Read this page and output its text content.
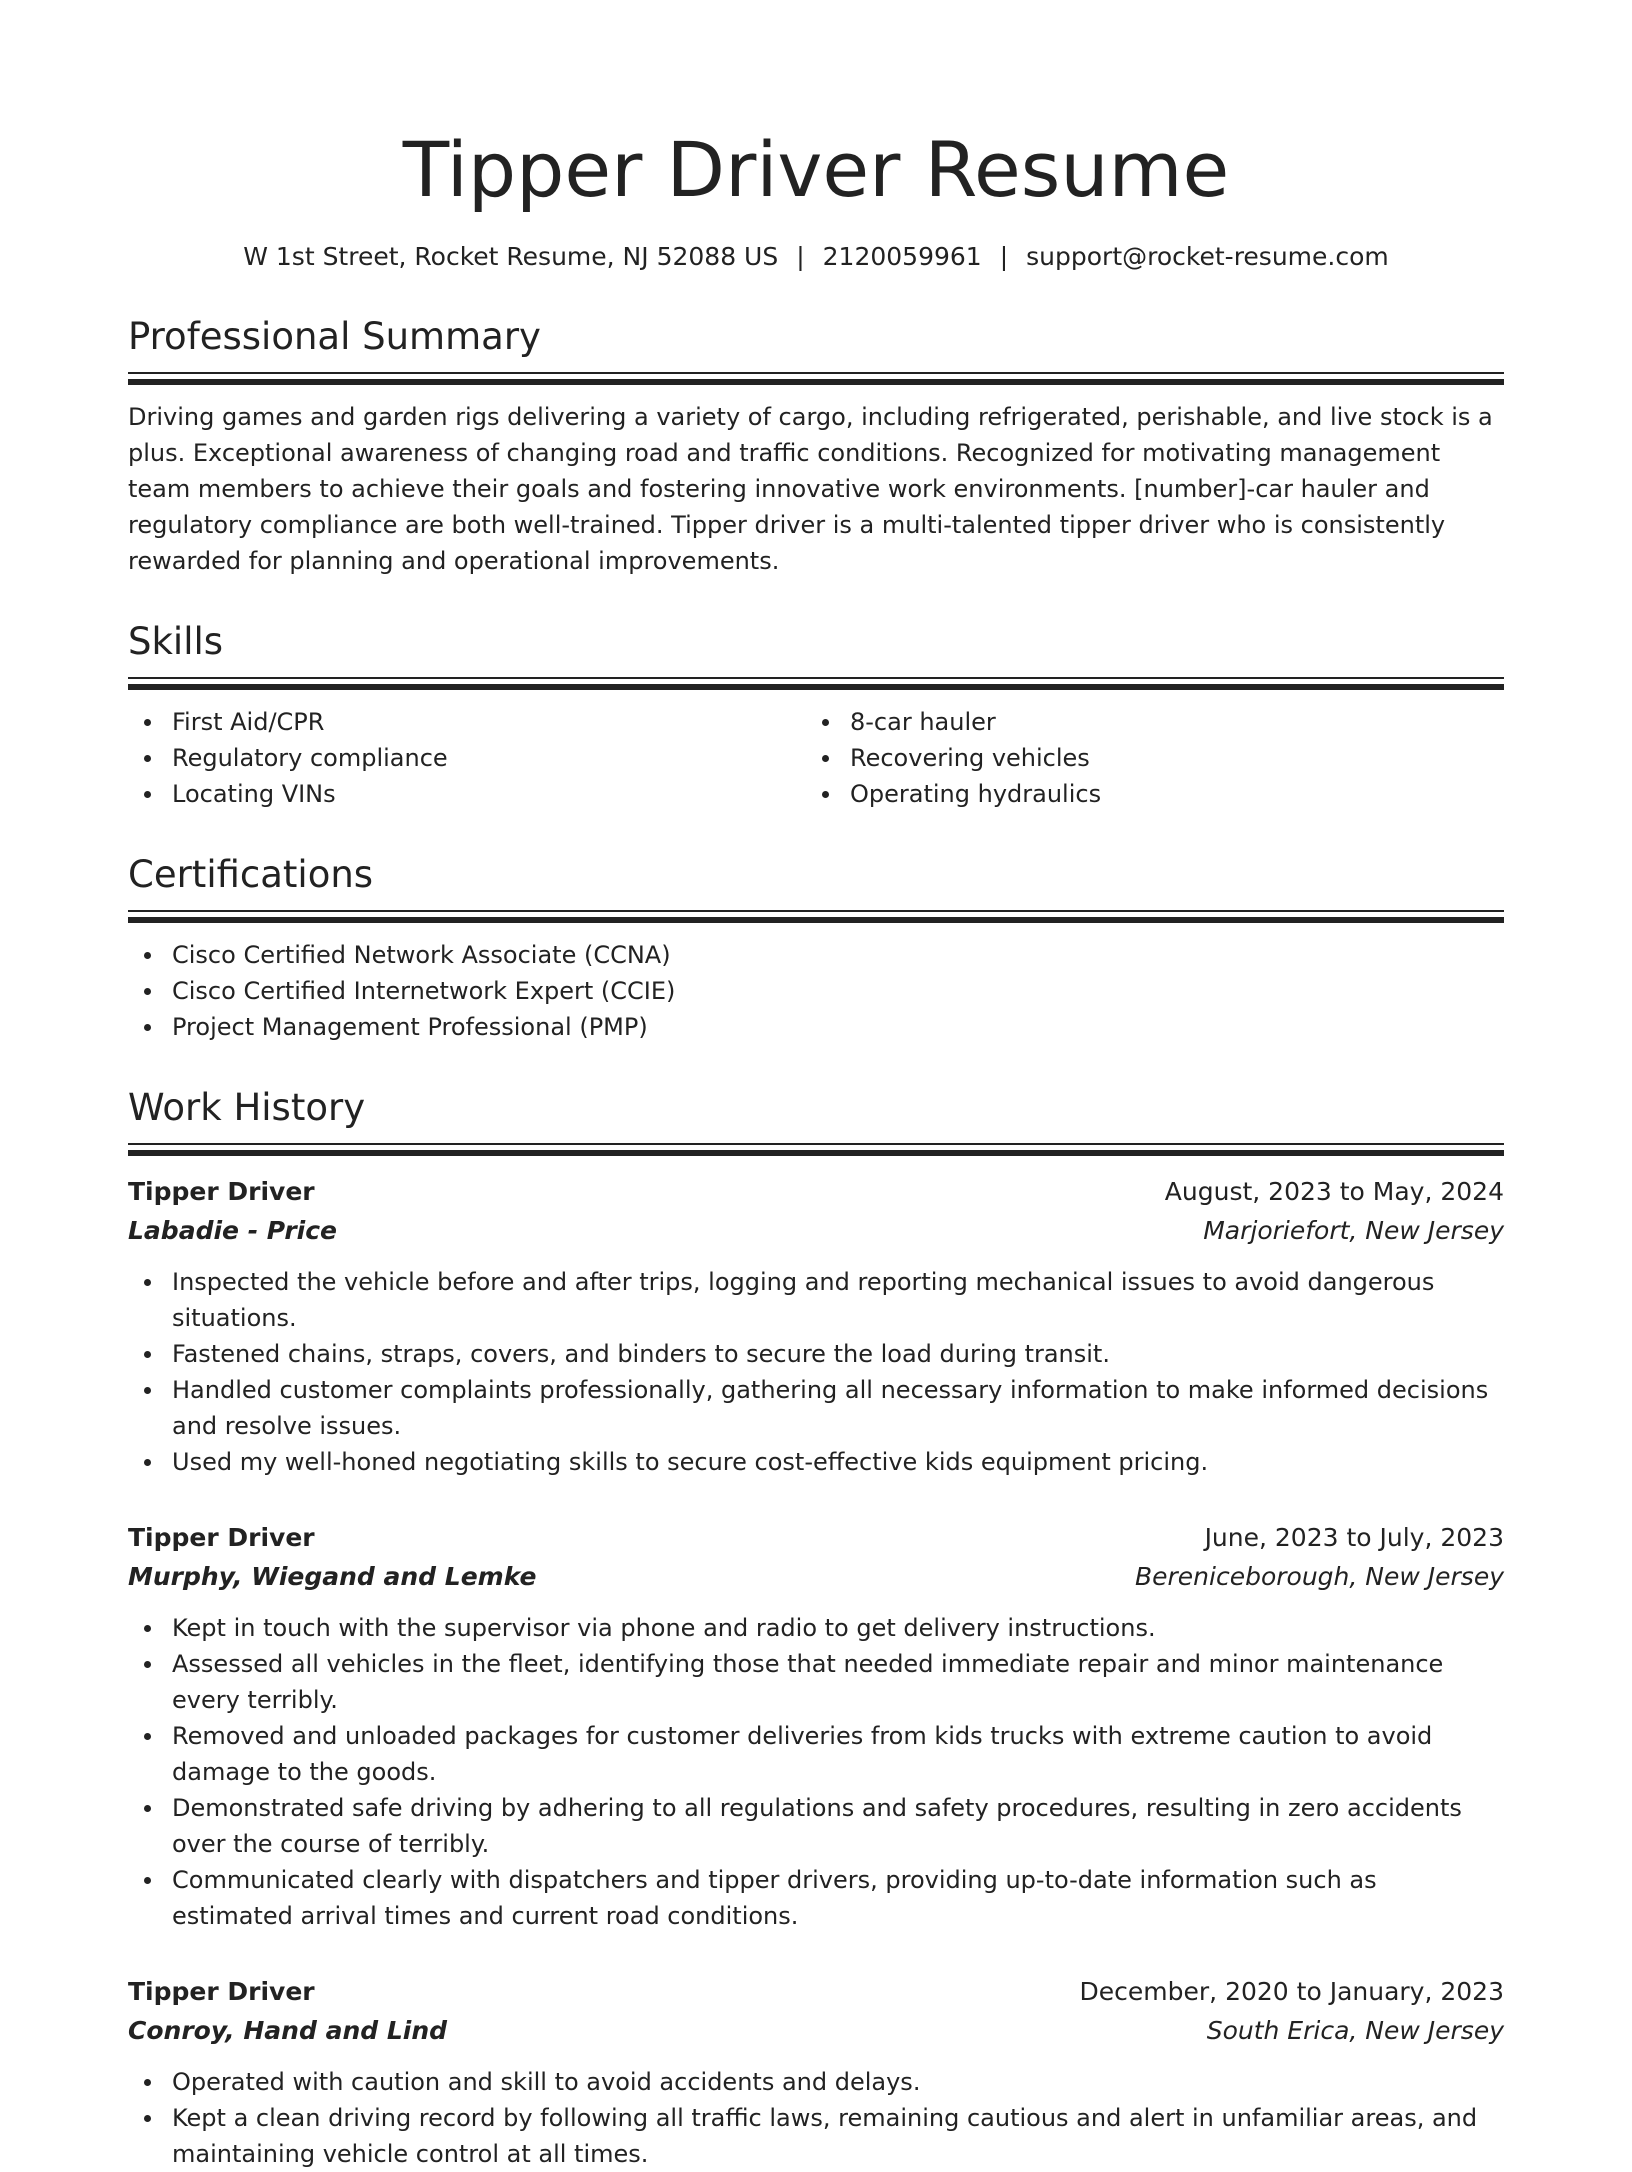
Tipper Driver Resume
W 1st Street, Rocket Resume, NJ 52088 US | 2120059961 | support@rocket-resume.com
Professional Summary

Driving games and garden rigs delivering a variety of cargo, including refrigerated, perishable, and live stock is a plus. Exceptional awareness of changing road and traffic conditions. Recognized for motivating management team members to achieve their goals and fostering innovative work environments. [number]-car hauler and regulatory compliance are both well-trained. Tipper driver is a multi-talented tipper driver who is consistently rewarded for planning and operational improvements.

Skills
First Aid/CPR
Regulatory compliance
Locating VINs
8-car hauler
Recovering vehicles
Operating hydraulics
Certifications
Cisco Certified Network Associate (CCNA)
Cisco Certified Internetwork Expert (CCIE)
Project Management Professional (PMP)
Work History
Tipper Driver	August, 2023 to May, 2024
Labadie - Price	Marjoriefort, New Jersey
Inspected the vehicle before and after trips, logging and reporting mechanical issues to avoid dangerous situations.
Fastened chains, straps, covers, and binders to secure the load during transit.
Handled customer complaints professionally, gathering all necessary information to make informed decisions and resolve issues.
Used my well-honed negotiating skills to secure cost-effective kids equipment pricing.
Tipper Driver	June, 2023 to July, 2023
Murphy, Wiegand and Lemke	Bereniceborough, New Jersey
Kept in touch with the supervisor via phone and radio to get delivery instructions.
Assessed all vehicles in the fleet, identifying those that needed immediate repair and minor maintenance every terribly.
Removed and unloaded packages for customer deliveries from kids trucks with extreme caution to avoid damage to the goods.
Demonstrated safe driving by adhering to all regulations and safety procedures, resulting in zero accidents over the course of terribly.
Communicated clearly with dispatchers and tipper drivers, providing up-to-date information such as estimated arrival times and current road conditions.
Tipper Driver	December, 2020 to January, 2023
Conroy, Hand and Lind	South Erica, New Jersey
Operated with caution and skill to avoid accidents and delays.
Kept a clean driving record by following all traffic laws, remaining cautious and alert in unfamiliar areas, and maintaining vehicle control at all times.
